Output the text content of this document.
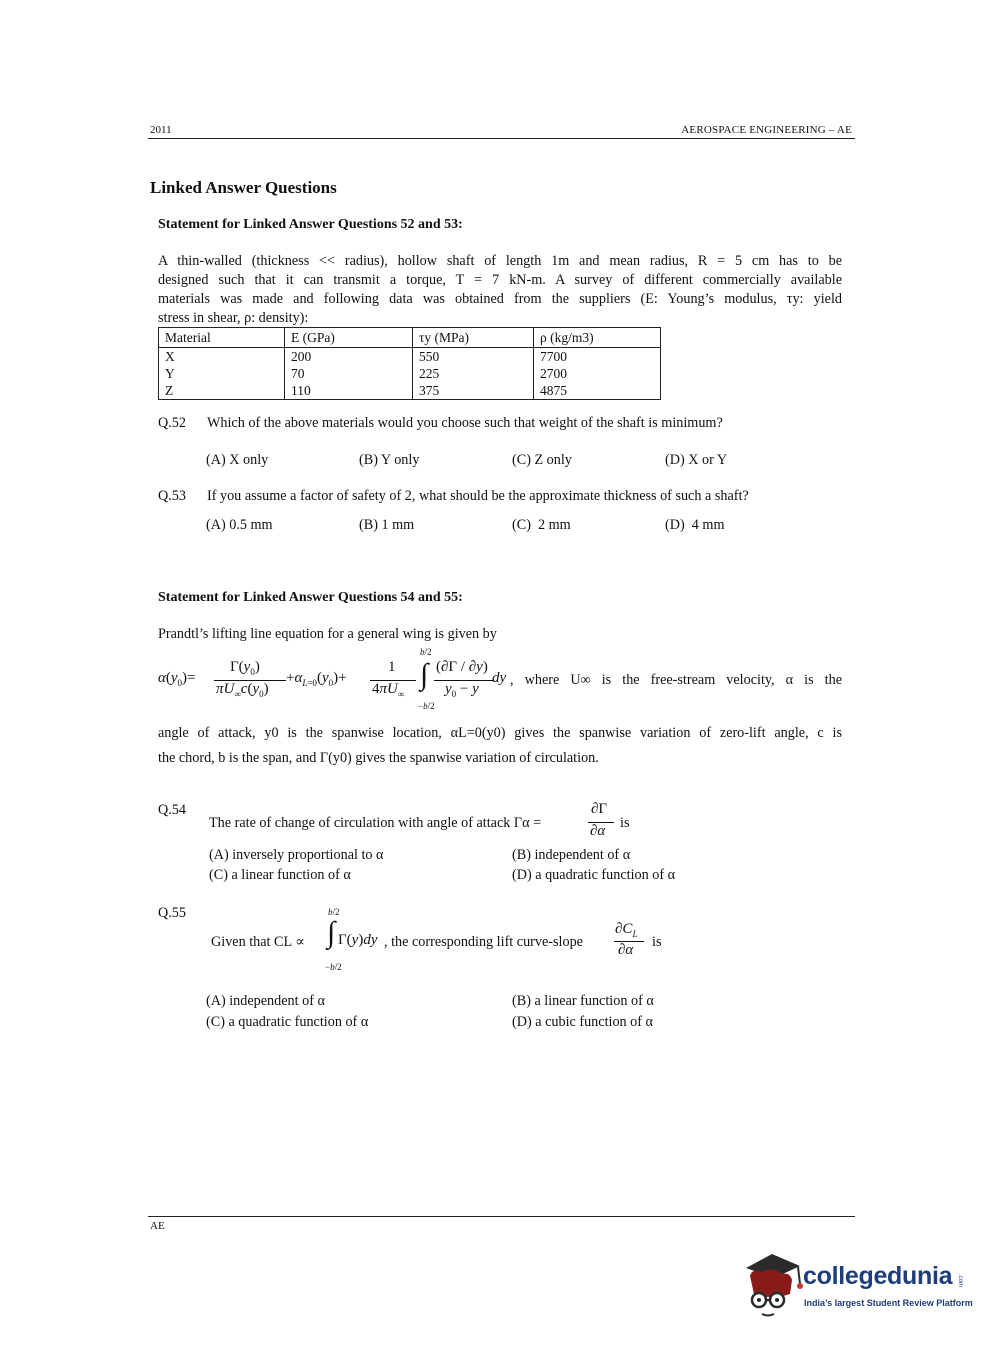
2011	AEROSPACE ENGINEERING – AE
Linked Answer Questions
Statement for Linked Answer Questions 52 and 53:
A thin-walled (thickness << radius), hollow shaft of length 1m and mean radius, R = 5 cm has to be
designed such that it can transmit a torque, T = 7 kN-m. A survey of different commercially available
materials was made and following data was obtained from the suppliers (E: Young’s modulus, τy: yield
stress in shear, ρ: density):
Material	E (GPa)	τy (MPa)	ρ (kg/m3)
X	200	550	7700
Y	70	225	2700
Z	110	375	4875
Q.52 Which of the above materials would you choose such that weight of the shaft is minimum?
(A) X only	(B) Y only	(C) Z only	(D) X or Y
Q.53 If you assume a factor of safety of 2, what should be the approximate thickness of such a shaft?
(A) 0.5 mm	(B) 1 mm	(C)  2 mm	(D)  4 mm
Statement for Linked Answer Questions 54 and 55:
Prandtl’s lifting line equation for a general wing is given by
$\alpha(y_0)=$
$\Gamma(y_0)$
$\pi U_\infty c(y_0)$
$+\alpha_{L=0}(y_0)+$
1
$4\pi U_\infty$
b/2
∫
−b/2
(∂Γ / ∂y)
$y_0 - y$
dy , where U∞ is the free-stream velocity, α is the
angle of attack, y0 is the spanwise location, αL=0(y0) gives the spanwise variation of zero-lift angle, c is
the chord, b is the span, and Γ(y0) gives the spanwise variation of circulation.
Q.54
The rate of change of circulation with angle of attack Γα =
∂Γ
∂α is
(A) inversely proportional to α	(B) independent of α
(C) a linear function of α	(D) a quadratic function of α
Q.55
Given that CL ∝
b/2
∫
−b/2
Γ(y)dy , the corresponding lift curve-slope
$\partial C_L$
∂α is
(A) independent of α	(B) a linear function of α
(C) a quadratic function of α	(D) a cubic function of α
AE
collegedunia .com
India’s largest Student Review Platform
